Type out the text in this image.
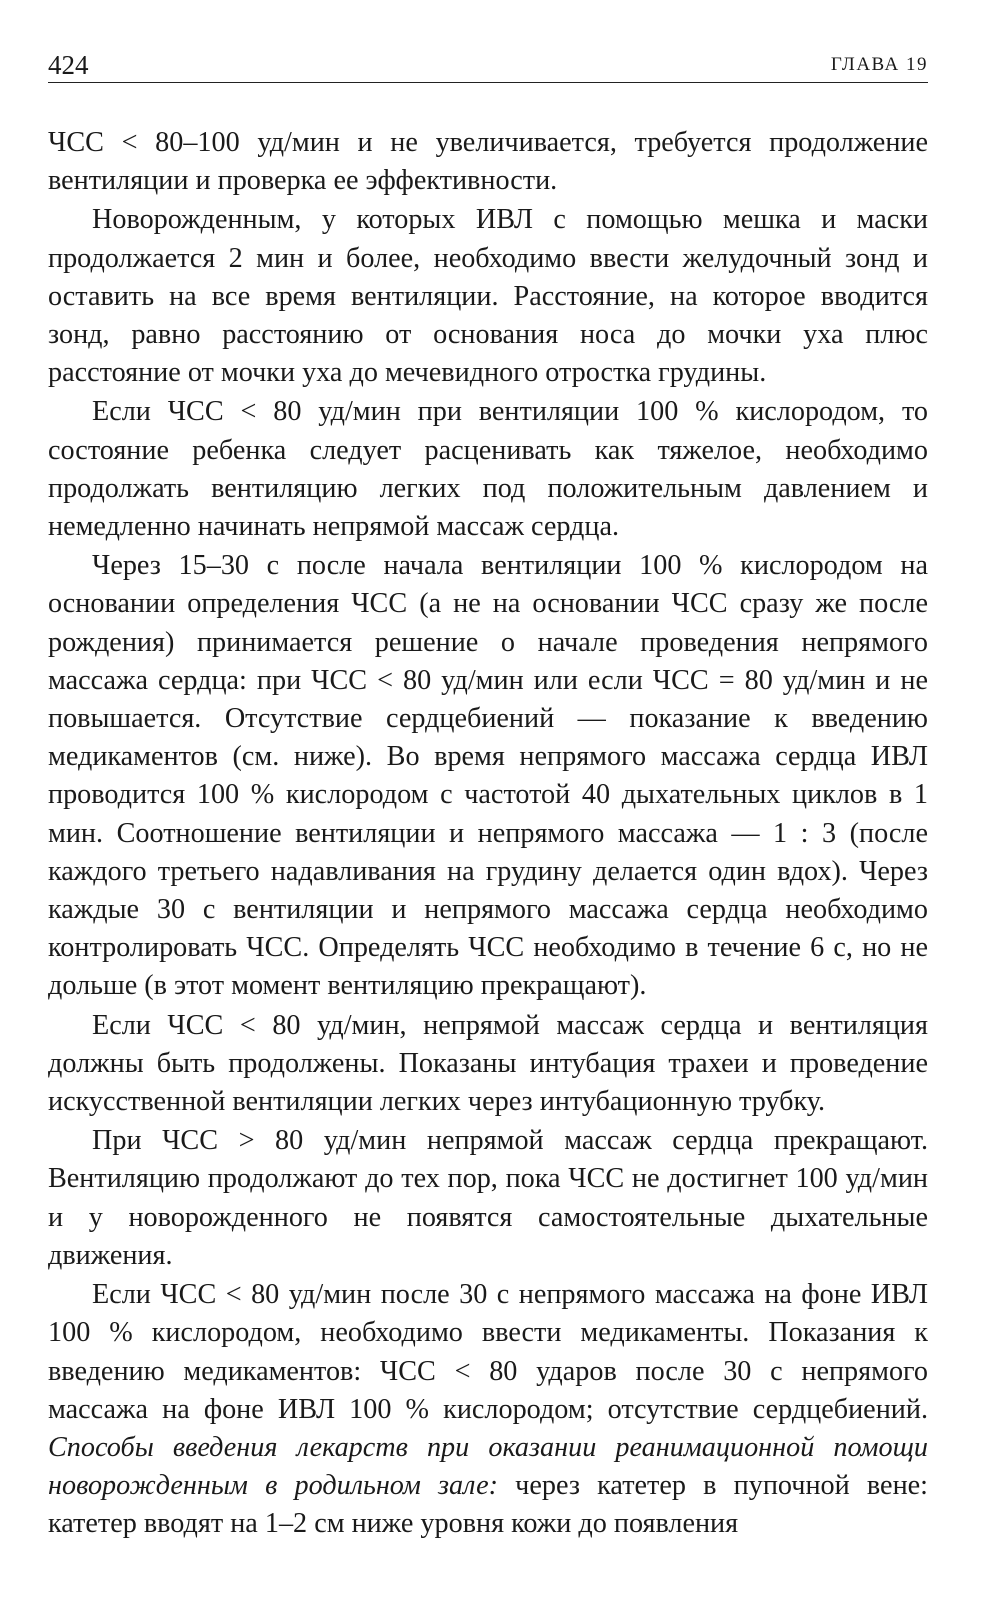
424	ГЛАВА 19

ЧСС < 80–100 уд/мин и не увеличивается, требуется продолжение вентиляции и проверка ее эффективности.

Новорожденным, у которых ИВЛ с помощью мешка и маски продолжается 2 мин и более, необходимо ввести желудочный зонд и оставить на все время вентиляции. Расстояние, на которое вводится зонд, равно расстоянию от основания носа до мочки уха плюс расстояние от мочки уха до мечевидного отростка грудины.

Если ЧСС < 80 уд/мин при вентиляции 100 % кислородом, то состояние ребенка следует расценивать как тяжелое, необходимо продолжать вентиляцию легких под положительным давлением и немедленно начинать непрямой массаж сердца.

Через 15–30 с после начала вентиляции 100 % кислородом на основании определения ЧСС (а не на основании ЧСС сразу же после рождения) принимается решение о начале проведения непрямого массажа сердца: при ЧСС < 80 уд/мин или если ЧСС = 80 уд/мин и не повышается. Отсутствие сердцебиений — показание к введению медикаментов (см. ниже). Во время непрямого массажа сердца ИВЛ проводится 100 % кислородом с частотой 40 дыхательных циклов в 1 мин. Соотношение вентиляции и непрямого массажа — 1 : 3 (после каждого третьего надавливания на грудину делается один вдох). Через каждые 30 с вентиляции и непрямого массажа сердца необходимо контролировать ЧСС. Определять ЧСС необходимо в течение 6 с, но не дольше (в этот момент вентиляцию прекращают).

Если ЧСС < 80 уд/мин, непрямой массаж сердца и вентиляция должны быть продолжены. Показаны интубация трахеи и проведение искусственной вентиляции легких через интубационную трубку.

При ЧСС > 80 уд/мин непрямой массаж сердца прекращают. Вентиляцию продолжают до тех пор, пока ЧСС не достигнет 100 уд/мин и у новорожденного не появятся самостоятельные дыхательные движения.

Если ЧСС < 80 уд/мин после 30 с непрямого массажа на фоне ИВЛ 100 % кислородом, необходимо ввести медикаменты. Показания к введению медикаментов: ЧСС < 80 ударов после 30 с непрямого массажа на фоне ИВЛ 100 % кислородом; отсутствие сердцебиений. Способы введения лекарств при оказании реанимационной помощи новорожденным в родильном зале: через катетер в пупочной вене: катетер вводят на 1–2 см ниже уровня кожи до появления
